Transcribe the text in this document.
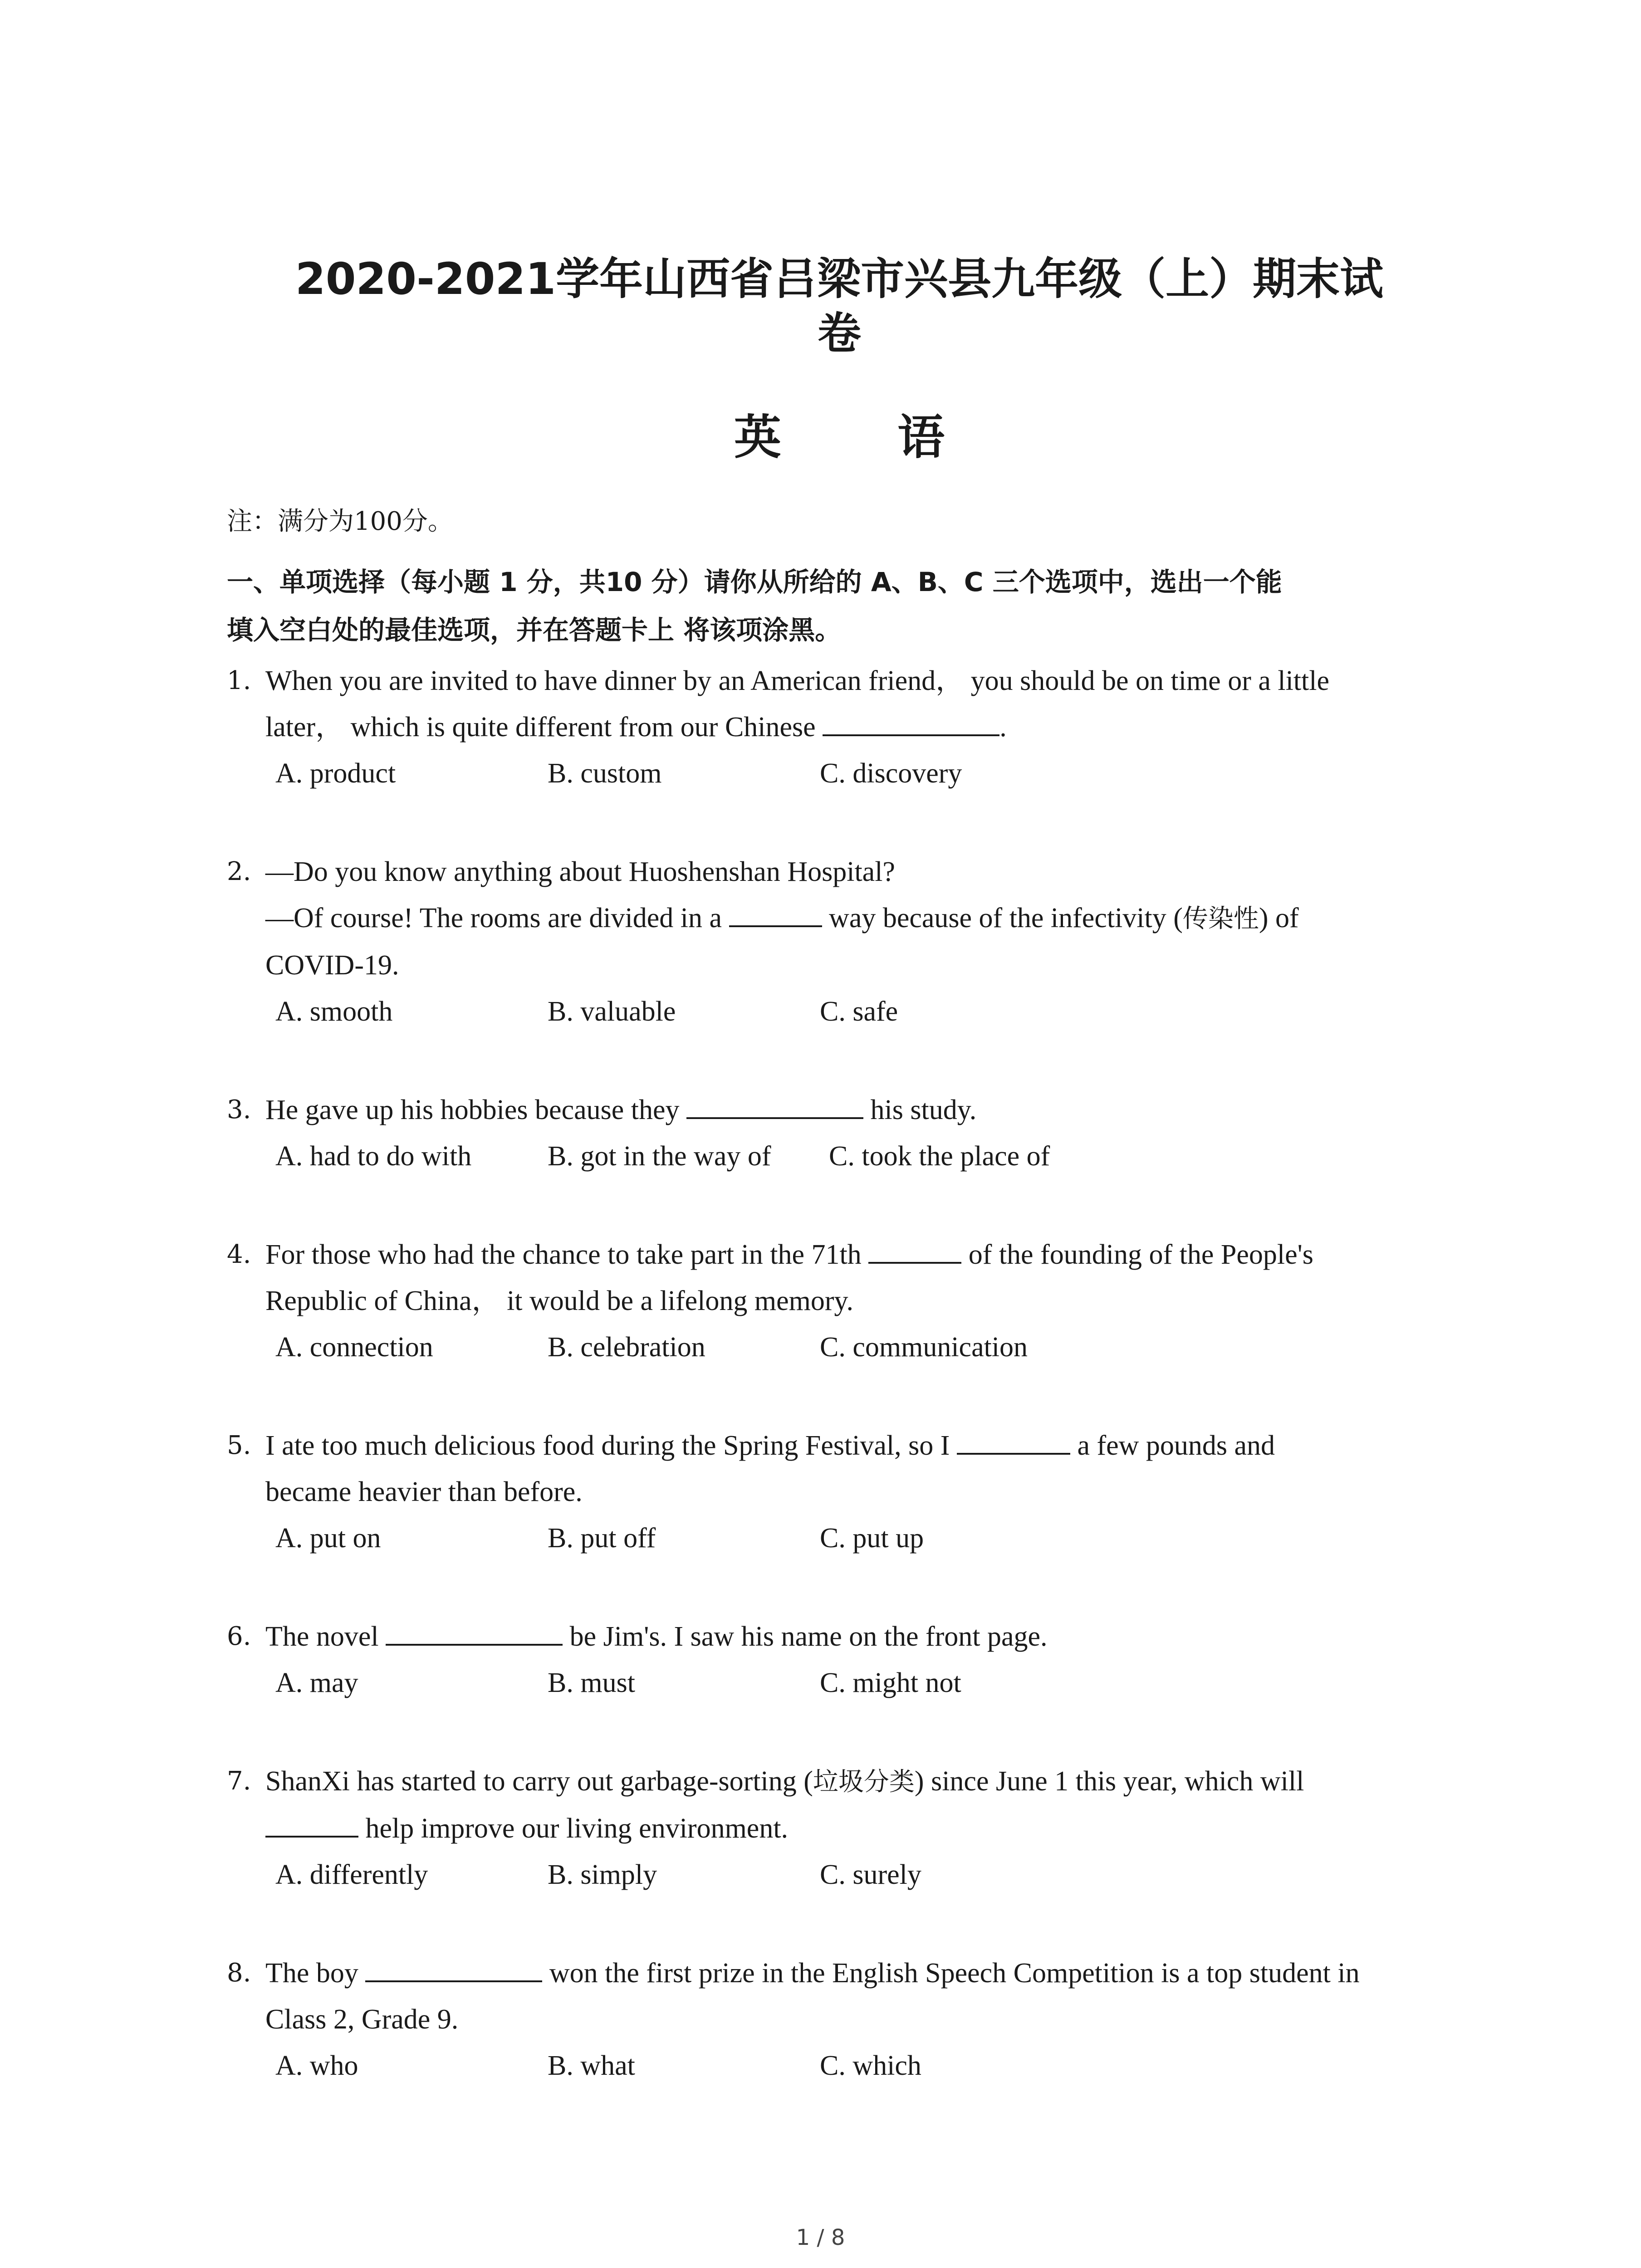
2020-2021学年山西省吕梁市兴县九年级（上）期末试
卷
英 语
注：满分为100分。
一、单项选择（每小题 1 分，共10 分）请你从所给的 A、B、C 三个选项中，选出一个能
填入空白处的最佳选项，并在答题卡上 将该项涂黑。
1. When you are invited to have dinner by an American friend， you should be on time or a little
later， which is quite different from our Chinese	.
A. product	B. custom	C. discovery
2. —Do you know anything about Huoshenshan Hospital?
—Of course! The rooms are divided in a	way because of the infectivity (传染性) of
COVID-19.
A. smooth	B. valuable	C. safe
3. He gave up his hobbies because they	his study.
A. had to do with	B. got in the way of	C. took the place of
4. For those who had the chance to take part in the 71th	of the founding of the People's
Republic of China， it would be a lifelong memory.
A. connection	B. celebration	C. communication
5. I ate too much delicious food during the Spring Festival, so I	a few pounds and
became heavier than before.
A. put on	B. put off	C. put up
6. The novel	be Jim's. I saw his name on the front page.
A. may	B. must	C. might not
7. ShanXi has started to carry out garbage-sorting (垃圾分类) since June 1 this year, which will
help improve our living environment.
A. differently	B. simply	C. surely
8. The boy	won the first prize in the English Speech Competition is a top student in
Class 2, Grade 9.
A. who	B. what	C. which
1 / 8
